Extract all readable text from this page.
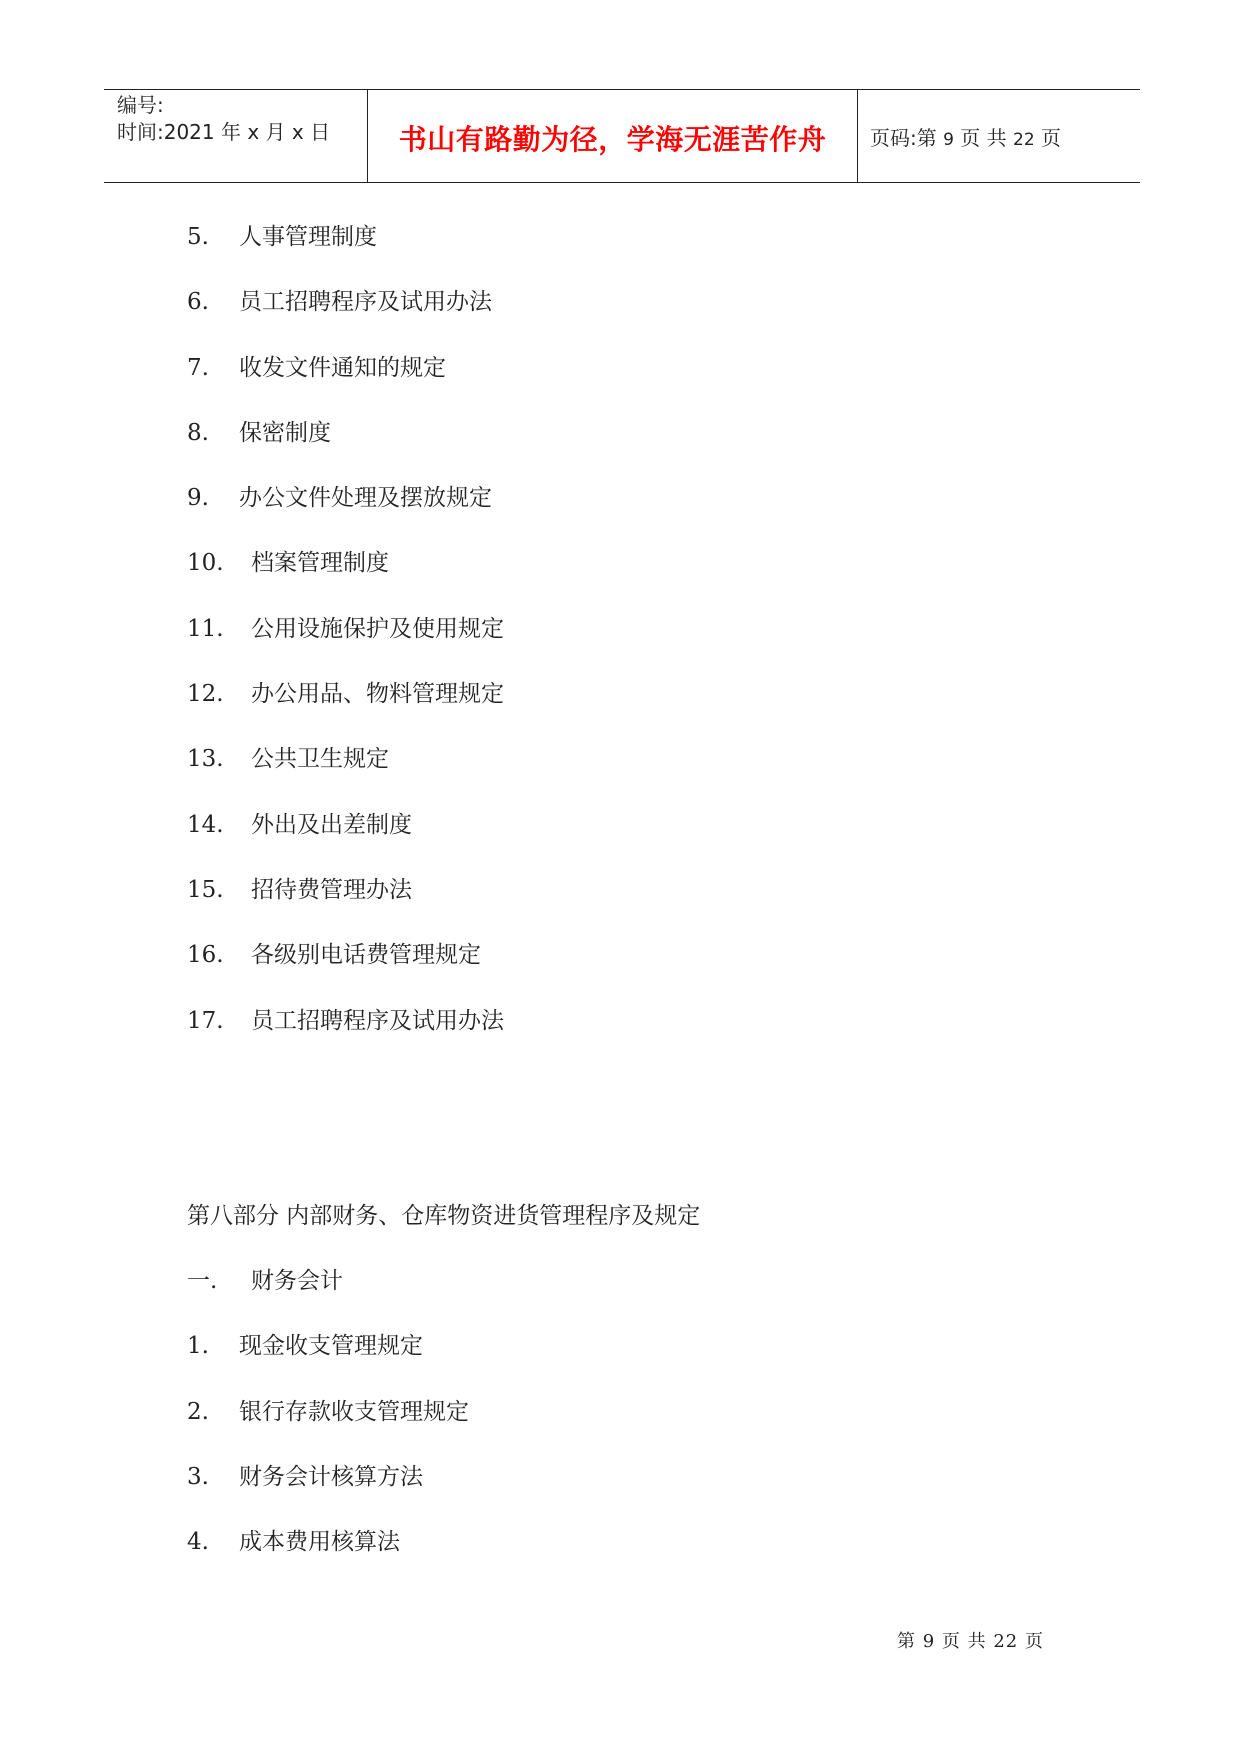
编号:
时间:2021 年 x 月 x 日	书山有路勤为径，学海无涯苦作舟 页码:第 9 页 共 22 页
5. 人事管理制度
6. 员工招聘程序及试用办法
7. 收发文件通知的规定
8. 保密制度
9. 办公文件处理及摆放规定
10. 档案管理制度
11. 公用设施保护及使用规定
12. 办公用品、物料管理规定
13. 公共卫生规定
14. 外出及出差制度
15. 招待费管理办法
16. 各级别电话费管理规定
17. 员工招聘程序及试用办法
第八部分 内部财务、仓库物资进货管理程序及规定
一. 财务会计
1. 现金收支管理规定
2. 银行存款收支管理规定
3. 财务会计核算方法
4. 成本费用核算法
第 9 页 共 22 页
